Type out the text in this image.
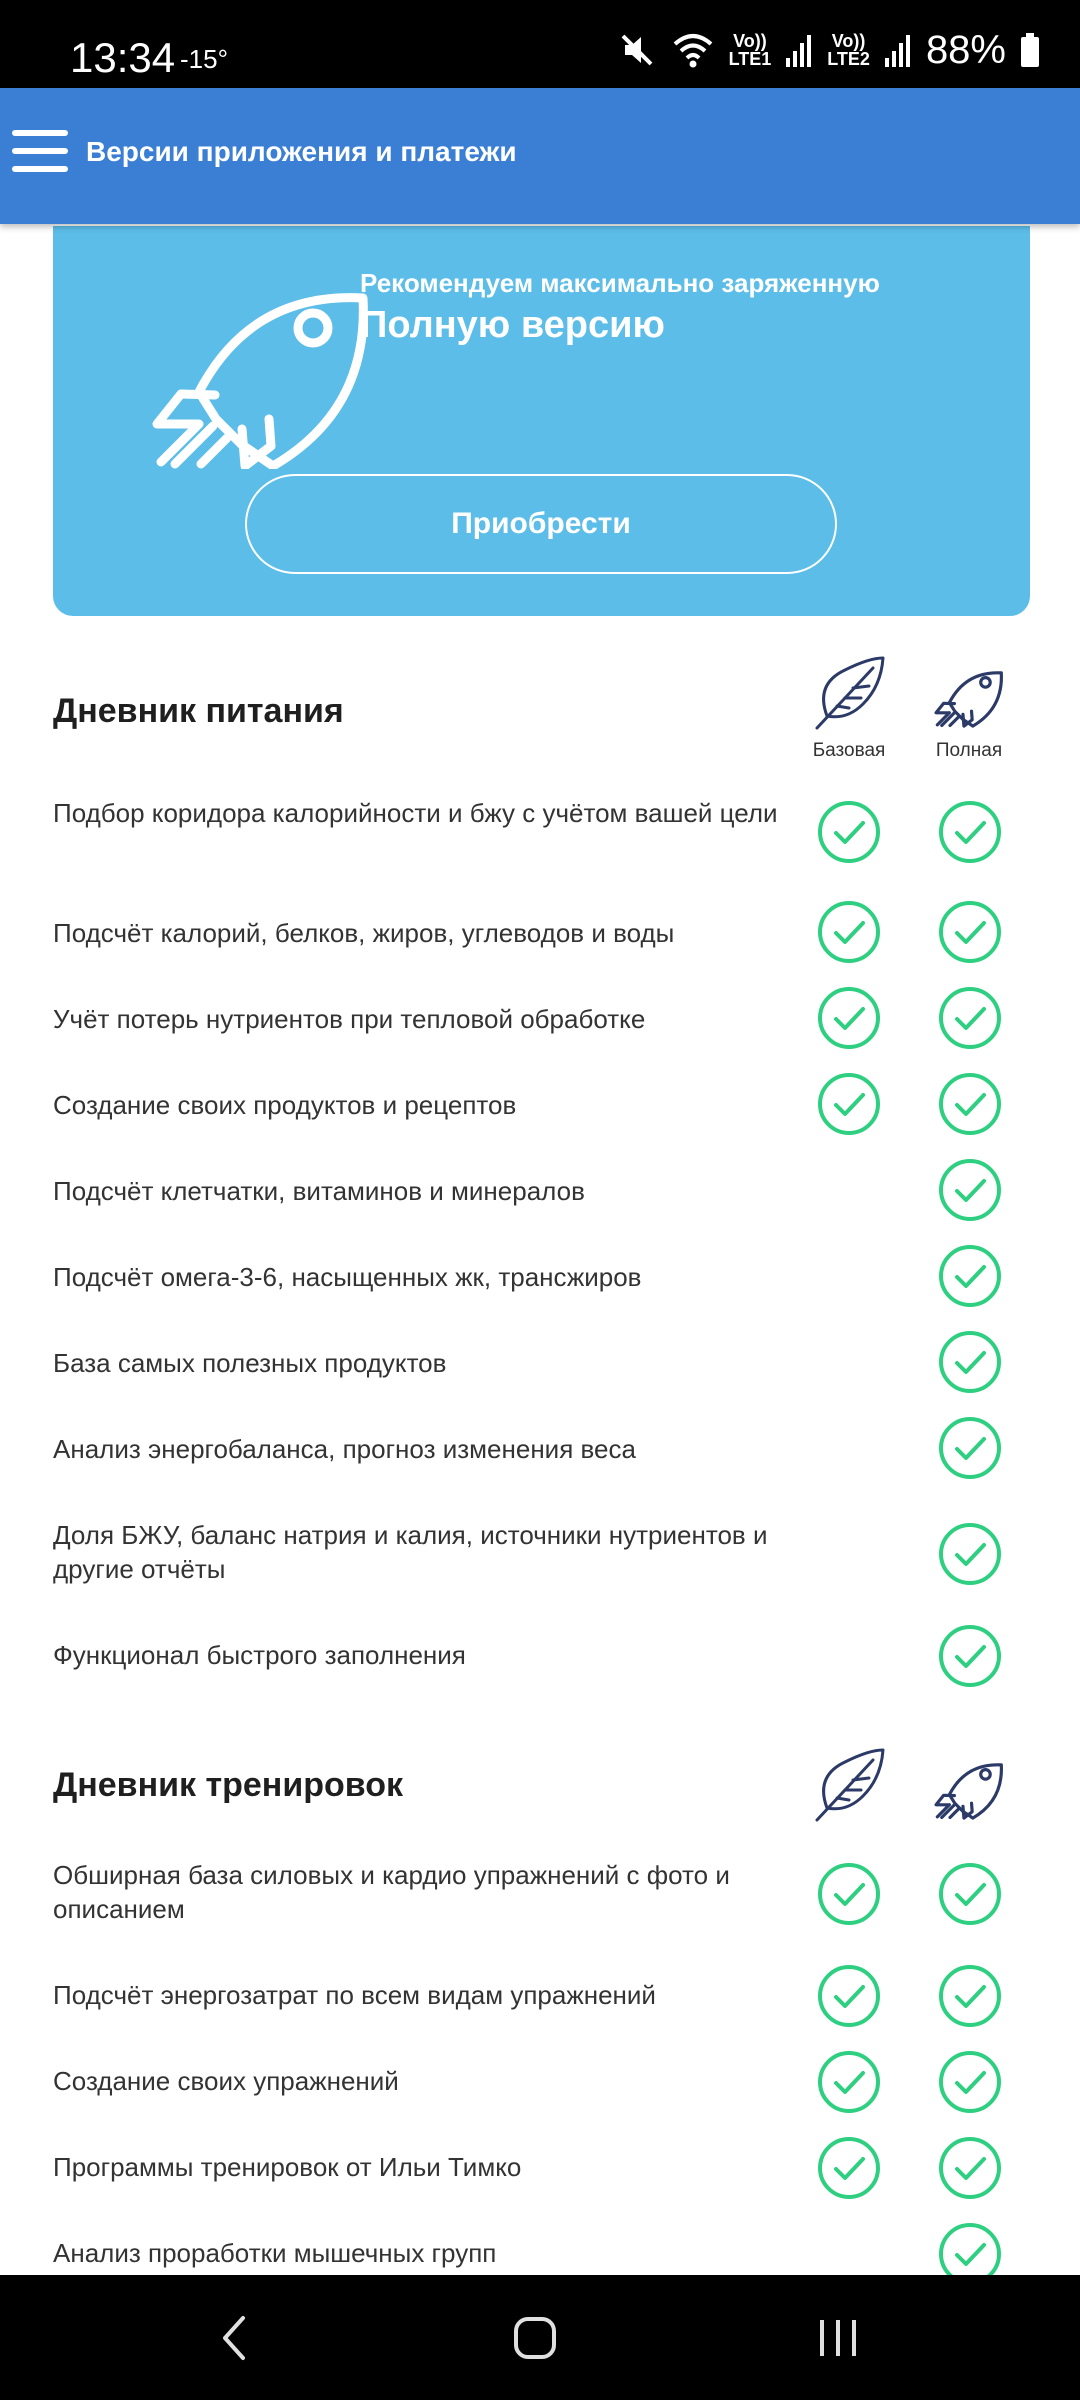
13:34 -15°
Vo))
LTE1
Vo))
LTE2 88%
Версии приложения и платежи
Рекомендуем максимально заряженную
Полную версию
Приобрести
Дневник питания
Базовая	Полная
Подбор коридора калорийности и бжу с учётом вашей цели
Подсчёт калорий, белков, жиров, углеводов и воды
Учёт потерь нутриентов при тепловой обработке
Создание своих продуктов и рецептов
Подсчёт клетчатки, витаминов и минералов
Подсчёт омега-3-6, насыщенных жк, трансжиров
База самых полезных продуктов
Анализ энергобаланса, прогноз изменения веса
Доля БЖУ, баланс натрия и калия, источники нутриентов и другие отчёты
Функционал быстрого заполнения
Дневник тренировок
Обширная база силовых и кардио упражнений с фото и описанием
Подсчёт энергозатрат по всем видам упражнений
Создание своих упражнений
Программы тренировок от Ильи Тимко
Анализ проработки мышечных групп
